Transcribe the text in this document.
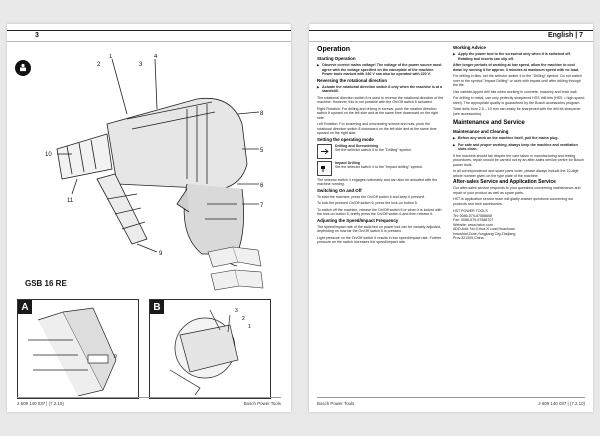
3
2
1	4
3
8
5
6
7
10
11
9
GSB 16 RE
A
9
B	3
2
1
2 609 140 037 | (7.2.10)	Bosch Power Tools
English | 7
Operation
Starting Operation

▶ Observe correct mains voltage! The voltage of the power source must agree with the voltage specified on the nameplate of the machine. Power tools marked with 230 V can also be operated with 220 V.

Reversing the rotational direction

▶ Actuate the rotational direction switch 8 only when the machine is at a standstill.

The rotational direction switch 8 is used to reverse the rotational direction of the machine. However, this is not possible with the On/Off switch 6 actuated.

Right Rotation: For drilling and driving in screws, push the rotation direction switch 8 upward on the left side and at the same time downward on the right side.

Left Rotation: For loosening and unscrewing screws and nuts, push the rotational direction switch 8 downward on the left side and at the same time upward on the right side.

Setting the operating mode
Drilling and Screwdriving
Set the selector switch 4 to the "Drilling" symbol.
Impact Drilling
Set the selector switch 4 to the "Impact drilling" symbol.

The selector switch 4 engages noticeably and can also be actuated with the machine running.

Switching On and Off

To start the machine, press the On/Off switch 6 and keep it pressed.

To lock the pressed On/Off switch 6, press the lock-on button 5.

To switch off the machine, release the On/Off switch 6 or when it is locked with the lock-on button 5, briefly press the On/Off switch 6 and then release it.

Adjusting the Speed/Impact Frequency

The speed/impact rate of the switched on power tool can be variably adjusted, depending on how far the On/Off switch 6 is pressed.

Light pressure on the On/Off switch 6 results in low speed/impact rate. Further pressure on the switch increases the speed/impact rate.

Working Advice

▶ Apply the power tool to the screw/nut only when it is switched off. Rotating tool inserts can slip off.

After longer periods of working at low speed, allow the machine to cool down by running it for approx. 3 minutes at maximum speed with no load.

For drilling in tiles, set the selector switch 4 to the "Drilling" symbol. Do not switch over to the symbol "Impact Drilling" or work with impact until after drilling through the tile.

Use carbide-tipped drill bits when working in concrete, masonry and brick wall.

For drilling in metal, use only perfectly sharpened HSS drill bits (HSS = high-speed steel). The appropriate quality is guaranteed by the Bosch accessories program.

Twist drills from 2.5 – 10 mm can easily be sharpened with the drill bit sharpener (see accessories).

Maintenance and Service
Maintenance and Cleaning

▶ Before any work on the machine itself, pull the mains plug.

▶ For safe and proper working, always keep the machine and ventilation slots clean.

If the machine should fail despite the care taken in manufacturing and testing procedures, repair should be carried out by an after-sales service centre for Bosch power tools.

In all correspondence and spare parts order, please always include the 10-digit article number given on the type plate of the machine.

After-sales Service and Application Service

Our after-sales service responds to your questions concerning maintenance and repair of your product as well as spare parts.

HST is application service team will gladly answer questions concerning our products and their accessories.

HST POWER TOOLS
Tel: 0086-579-87588658
Fax: 0086-579-87588707
Website: www.hstcn.com
ADD.Add: No.9,Hua Xi road,Huachuan
Industrial Zone,Yongkang City,Zhejiang
Prov.321309,China.
Bosch Power Tools	2 609 140 037 | (7.2.10)
